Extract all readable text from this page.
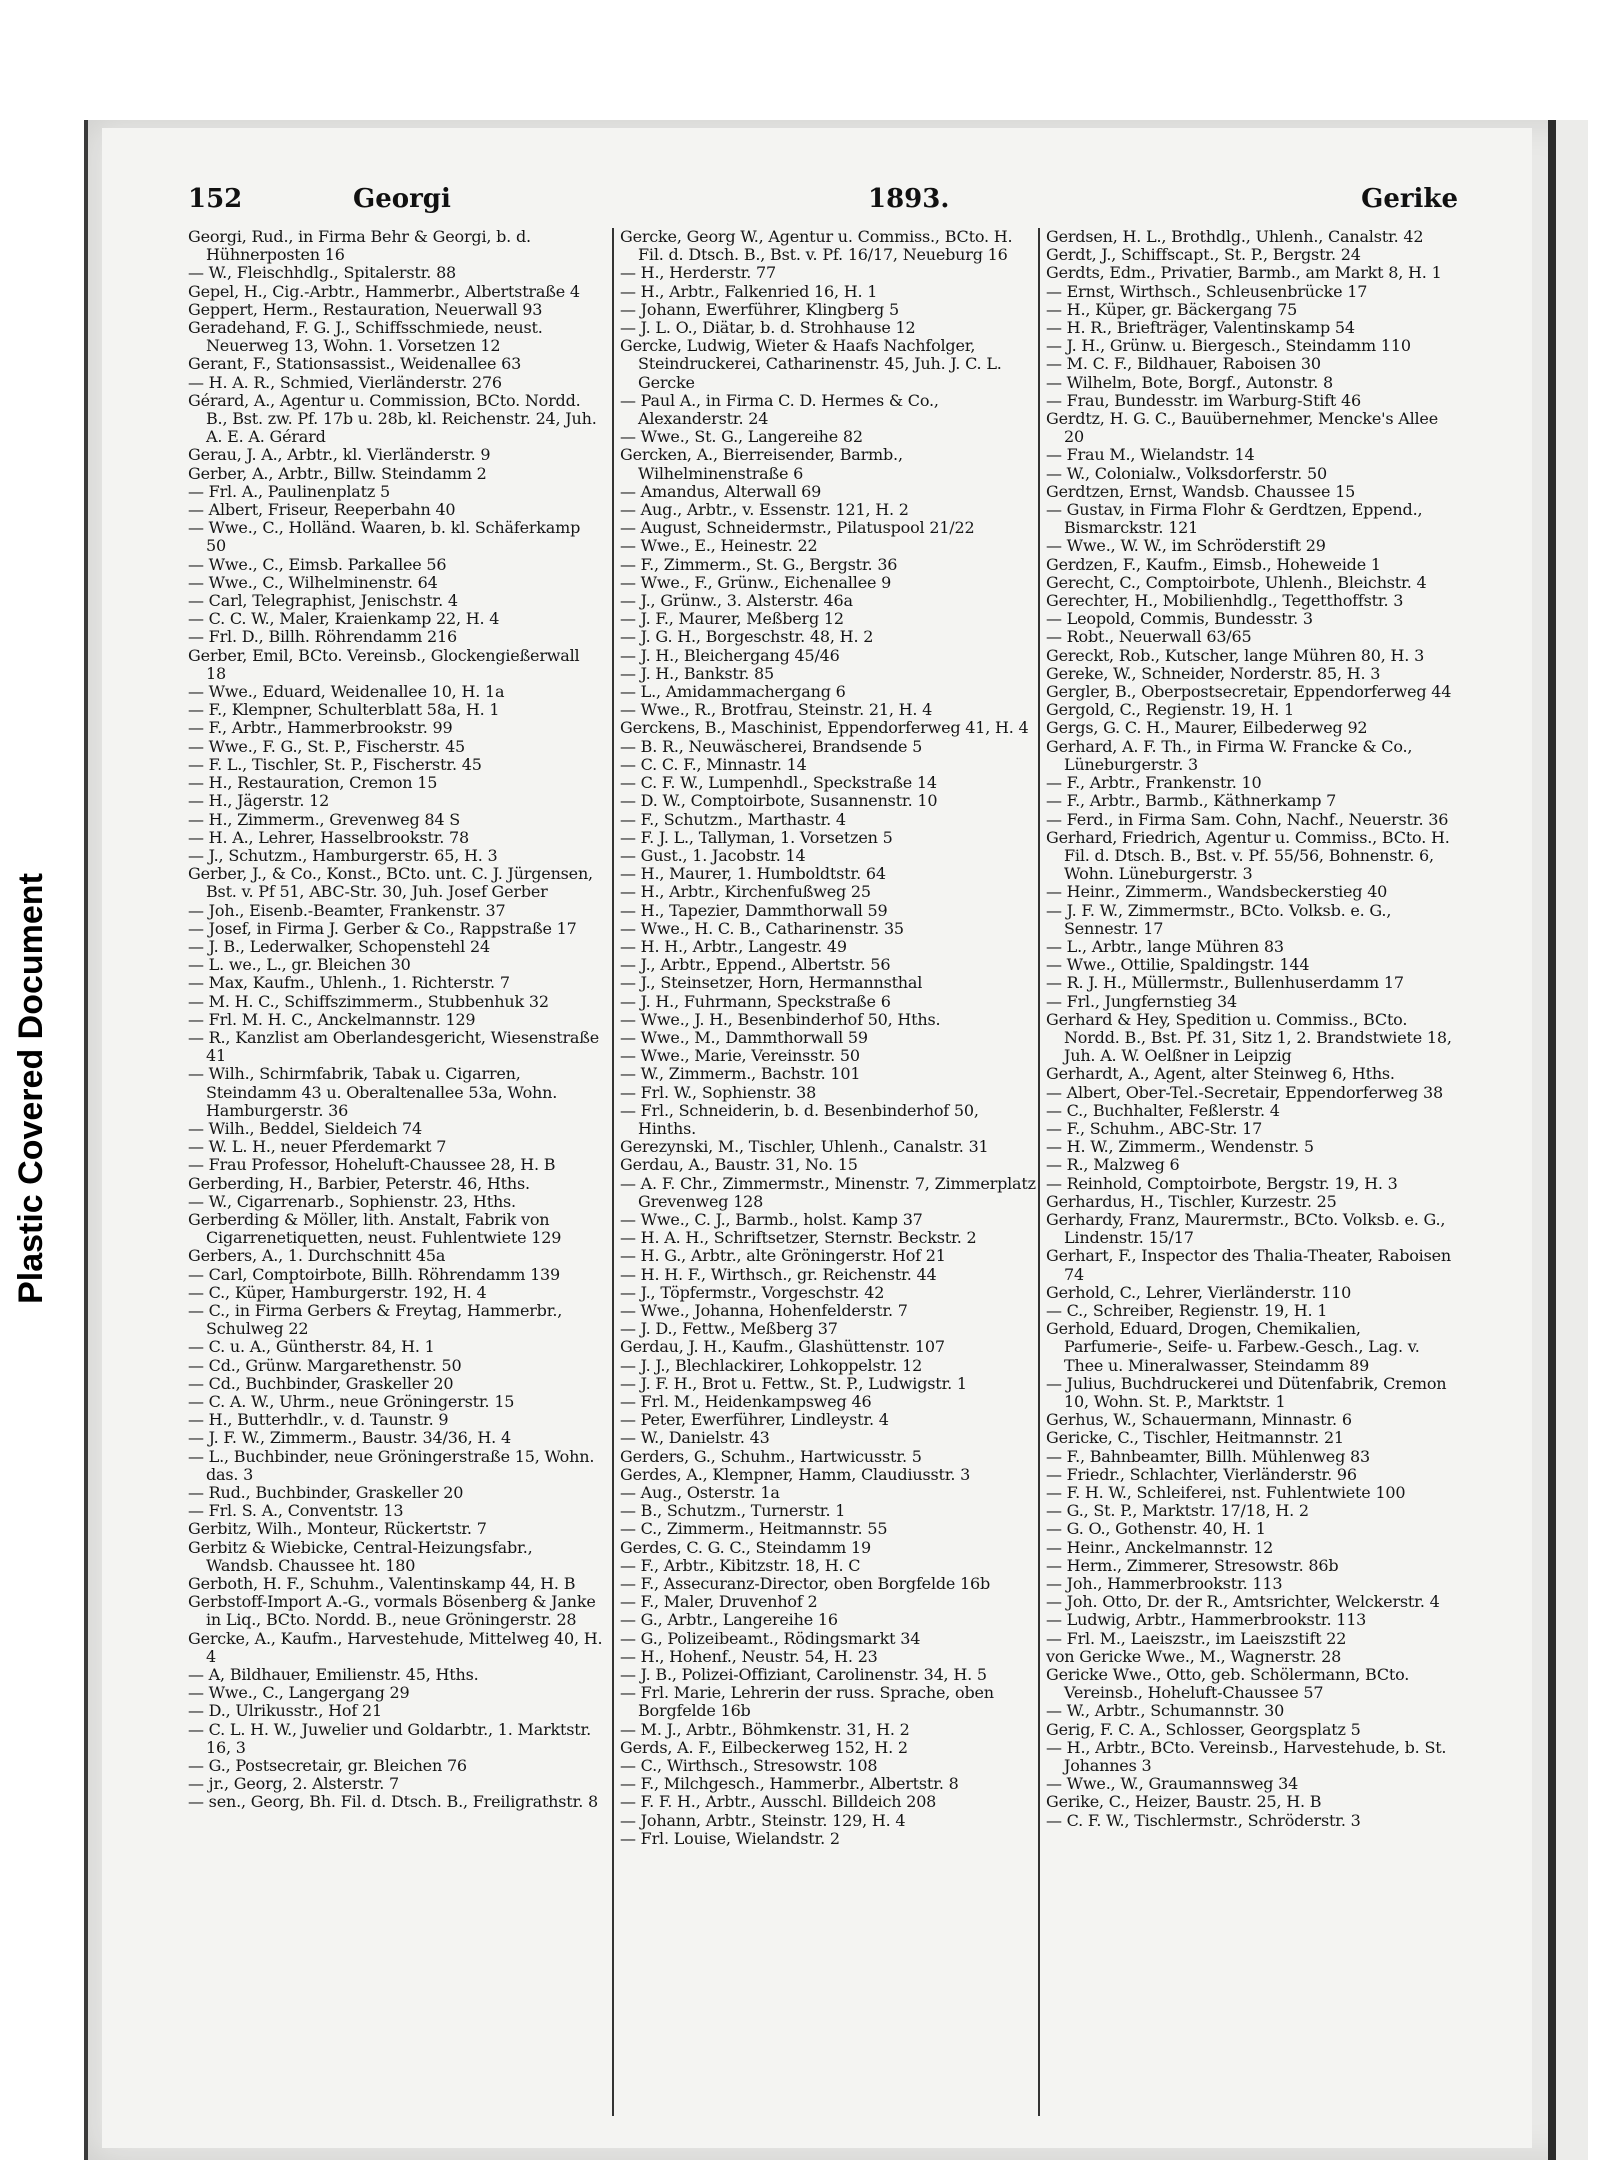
Plastic Covered Document
152	Georgi	1893.	Gerike
Georgi, Rud., in Firma Behr & Georgi, b. d. Hühnerposten 16
— W., Fleischhdlg., Spitalerstr. 88
Gepel, H., Cig.-Arbtr., Hammerbr., Albertstraße 4
Geppert, Herm., Restauration, Neuerwall 93
Geradehand, F. G. J., Schiffsschmiede, neust. Neuerweg 13, Wohn. 1. Vorsetzen 12
Gerant, F., Stationsassist., Weidenallee 63
— H. A. R., Schmied, Vierländerstr. 276
Gérard, A., Agentur u. Commission, BCto. Nordd. B., Bst. zw. Pf. 17b u. 28b, kl. Reichenstr. 24, Juh. A. E. A. Gérard
Gerau, J. A., Arbtr., kl. Vierländerstr. 9
Gerber, A., Arbtr., Billw. Steindamm 2
— Frl. A., Paulinenplatz 5
— Albert, Friseur, Reeperbahn 40
— Wwe., C., Holländ. Waaren, b. kl. Schäferkamp 50
— Wwe., C., Eimsb. Parkallee 56
— Wwe., C., Wilhelminenstr. 64
— Carl, Telegraphist, Jenischstr. 4
— C. C. W., Maler, Kraienkamp 22, H. 4
— Frl. D., Billh. Röhrendamm 216
Gerber, Emil, BCto. Vereinsb., Glockengießerwall 18
— Wwe., Eduard, Weidenallee 10, H. 1a
— F., Klempner, Schulterblatt 58a, H. 1
— F., Arbtr., Hammerbrookstr. 99
— Wwe., F. G., St. P., Fischerstr. 45
— F. L., Tischler, St. P., Fischerstr. 45
— H., Restauration, Cremon 15
— H., Jägerstr. 12
— H., Zimmerm., Grevenweg 84 S
— H. A., Lehrer, Hasselbrookstr. 78
— J., Schutzm., Hamburgerstr. 65, H. 3
Gerber, J., & Co., Konst., BCto. unt. C. J. Jürgensen, Bst. v. Pf 51, ABC-Str. 30, Juh. Josef Gerber
— Joh., Eisenb.-Beamter, Frankenstr. 37
— Josef, in Firma J. Gerber & Co., Rappstraße 17
— J. B., Lederwalker, Schopenstehl 24
— L. we., L., gr. Bleichen 30
— Max, Kaufm., Uhlenh., 1. Richterstr. 7
— M. H. C., Schiffszimmerm., Stubbenhuk 32
— Frl. M. H. C., Anckelmannstr. 129
— R., Kanzlist am Oberlandesgericht, Wiesenstraße 41
— Wilh., Schirmfabrik, Tabak u. Cigarren, Steindamm 43 u. Oberaltenallee 53a, Wohn. Hamburgerstr. 36
— Wilh., Beddel, Sieldeich 74
— W. L. H., neuer Pferdemarkt 7
— Frau Professor, Hoheluft-Chaussee 28, H. B
Gerberding, H., Barbier, Peterstr. 46, Hths.
— W., Cigarrenarb., Sophienstr. 23, Hths.
Gerberding & Möller, lith. Anstalt, Fabrik von Cigarrenetiquetten, neust. Fuhlentwiete 129
Gerbers, A., 1. Durchschnitt 45a
— Carl, Comptoirbote, Billh. Röhrendamm 139
— C., Küper, Hamburgerstr. 192, H. 4
— C., in Firma Gerbers & Freytag, Hammerbr., Schulweg 22
— C. u. A., Güntherstr. 84, H. 1
— Cd., Grünw. Margarethenstr. 50
— Cd., Buchbinder, Graskeller 20
— C. A. W., Uhrm., neue Gröningerstr. 15
— H., Butterhdlr., v. d. Taunstr. 9
— J. F. W., Zimmerm., Baustr. 34/36, H. 4
— L., Buchbinder, neue Gröningerstraße 15, Wohn. das. 3
— Rud., Buchbinder, Graskeller 20
— Frl. S. A., Conventstr. 13
Gerbitz, Wilh., Monteur, Rückertstr. 7
Gerbitz & Wiebicke, Central-Heizungsfabr., Wandsb. Chaussee ht. 180
Gerboth, H. F., Schuhm., Valentinskamp 44, H. B
Gerbstoff-Import A.-G., vormals Bösenberg & Janke in Liq., BCto. Nordd. B., neue Gröningerstr. 28
Gercke, A., Kaufm., Harvestehude, Mittelweg 40, H. 4
— A, Bildhauer, Emilienstr. 45, Hths.
— Wwe., C., Langergang 29
— D., Ulrikusstr., Hof 21
— C. L. H. W., Juwelier und Goldarbtr., 1. Marktstr. 16, 3
— G., Postsecretair, gr. Bleichen 76
— jr., Georg, 2. Alsterstr. 7
— sen., Georg, Bh. Fil. d. Dtsch. B., Freiligrathstr. 8
Gercke, Georg W., Agentur u. Commiss., BCto. H. Fil. d. Dtsch. B., Bst. v. Pf. 16/17, Neueburg 16
— H., Herderstr. 77
— H., Arbtr., Falkenried 16, H. 1
— Johann, Ewerführer, Klingberg 5
— J. L. O., Diätar, b. d. Strohhause 12
Gercke, Ludwig, Wieter & Haafs Nachfolger, Steindruckerei, Catharinenstr. 45, Juh. J. C. L. Gercke
— Paul A., in Firma C. D. Hermes & Co., Alexanderstr. 24
— Wwe., St. G., Langereihe 82
Gercken, A., Bierreisender, Barmb., Wilhelminenstraße 6
— Amandus, Alterwall 69
— Aug., Arbtr., v. Essenstr. 121, H. 2
— August, Schneidermstr., Pilatuspool 21/22
— Wwe., E., Heinestr. 22
— F., Zimmerm., St. G., Bergstr. 36
— Wwe., F., Grünw., Eichenallee 9
— J., Grünw., 3. Alsterstr. 46a
— J. F., Maurer, Meßberg 12
— J. G. H., Borgeschstr. 48, H. 2
— J. H., Bleichergang 45/46
— J. H., Bankstr. 85
— L., Amidammachergang 6
— Wwe., R., Brotfrau, Steinstr. 21, H. 4
Gerckens, B., Maschinist, Eppendorferweg 41, H. 4
— B. R., Neuwäscherei, Brandsende 5
— C. C. F., Minnastr. 14
— C. F. W., Lumpenhdl., Speckstraße 14
— D. W., Comptoirbote, Susannenstr. 10
— F., Schutzm., Marthastr. 4
— F. J. L., Tallyman, 1. Vorsetzen 5
— Gust., 1. Jacobstr. 14
— H., Maurer, 1. Humboldtstr. 64
— H., Arbtr., Kirchenfußweg 25
— H., Tapezier, Dammthorwall 59
— Wwe., H. C. B., Catharinenstr. 35
— H. H., Arbtr., Langestr. 49
— J., Arbtr., Eppend., Albertstr. 56
— J., Steinsetzer, Horn, Hermannsthal
— J. H., Fuhrmann, Speckstraße 6
— Wwe., J. H., Besenbinderhof 50, Hths.
— Wwe., M., Dammthorwall 59
— Wwe., Marie, Vereinsstr. 50
— W., Zimmerm., Bachstr. 101
— Frl. W., Sophienstr. 38
— Frl., Schneiderin, b. d. Besenbinderhof 50, Hinths.
Gerezynski, M., Tischler, Uhlenh., Canalstr. 31
Gerdau, A., Baustr. 31, No. 15
— A. F. Chr., Zimmermstr., Minenstr. 7, Zimmerplatz Grevenweg 128
— Wwe., C. J., Barmb., holst. Kamp 37
— H. A. H., Schriftsetzer, Sternstr. Beckstr. 2
— H. G., Arbtr., alte Gröningerstr. Hof 21
— H. H. F., Wirthsch., gr. Reichenstr. 44
— J., Töpfermstr., Vorgeschstr. 42
— Wwe., Johanna, Hohenfelderstr. 7
— J. D., Fettw., Meßberg 37
Gerdau, J. H., Kaufm., Glashüttenstr. 107
— J. J., Blechlackirer, Lohkoppelstr. 12
— J. F. H., Brot u. Fettw., St. P., Ludwigstr. 1
— Frl. M., Heidenkampsweg 46
— Peter, Ewerführer, Lindleystr. 4
— W., Danielstr. 43
Gerders, G., Schuhm., Hartwicusstr. 5
Gerdes, A., Klempner, Hamm, Claudiusstr. 3
— Aug., Osterstr. 1a
— B., Schutzm., Turnerstr. 1
— C., Zimmerm., Heitmannstr. 55
Gerdes, C. G. C., Steindamm 19
— F., Arbtr., Kibitzstr. 18, H. C
— F., Assecuranz-Director, oben Borgfelde 16b
— F., Maler, Druvenhof 2
— G., Arbtr., Langereihe 16
— G., Polizeibeamt., Rödingsmarkt 34
— H., Hohenf., Neustr. 54, H. 23
— J. B., Polizei-Offiziant, Carolinenstr. 34, H. 5
— Frl. Marie, Lehrerin der russ. Sprache, oben Borgfelde 16b
— M. J., Arbtr., Böhmkenstr. 31, H. 2
Gerds, A. F., Eilbeckerweg 152, H. 2
— C., Wirthsch., Stresowstr. 108
— F., Milchgesch., Hammerbr., Albertstr. 8
— F. F. H., Arbtr., Ausschl. Billdeich 208
— Johann, Arbtr., Steinstr. 129, H. 4
— Frl. Louise, Wielandstr. 2
Gerdsen, H. L., Brothdlg., Uhlenh., Canalstr. 42
Gerdt, J., Schiffscapt., St. P., Bergstr. 24
Gerdts, Edm., Privatier, Barmb., am Markt 8, H. 1
— Ernst, Wirthsch., Schleusenbrücke 17
— H., Küper, gr. Bäckergang 75
— H. R., Briefträger, Valentinskamp 54
— J. H., Grünw. u. Biergesch., Steindamm 110
— M. C. F., Bildhauer, Raboisen 30
— Wilhelm, Bote, Borgf., Autonstr. 8
— Frau, Bundesstr. im Warburg-Stift 46
Gerdtz, H. G. C., Bauübernehmer, Mencke's Allee 20
— Frau M., Wielandstr. 14
— W., Colonialw., Volksdorferstr. 50
Gerdtzen, Ernst, Wandsb. Chaussee 15
— Gustav, in Firma Flohr & Gerdtzen, Eppend., Bismarckstr. 121
— Wwe., W. W., im Schröderstift 29
Gerdzen, F., Kaufm., Eimsb., Hoheweide 1
Gerecht, C., Comptoirbote, Uhlenh., Bleichstr. 4
Gerechter, H., Mobilienhdlg., Tegetthoffstr. 3
— Leopold, Commis, Bundesstr. 3
— Robt., Neuerwall 63/65
Gereckt, Rob., Kutscher, lange Mühren 80, H. 3
Gereke, W., Schneider, Norderstr. 85, H. 3
Gergler, B., Oberpostsecretair, Eppendorferweg 44
Gergold, C., Regienstr. 19, H. 1
Gergs, G. C. H., Maurer, Eilbederweg 92
Gerhard, A. F. Th., in Firma W. Francke & Co., Lüneburgerstr. 3
— F., Arbtr., Frankenstr. 10
— F., Arbtr., Barmb., Käthnerkamp 7
— Ferd., in Firma Sam. Cohn, Nachf., Neuerstr. 36
Gerhard, Friedrich, Agentur u. Commiss., BCto. H. Fil. d. Dtsch. B., Bst. v. Pf. 55/56, Bohnenstr. 6, Wohn. Lüneburgerstr. 3
— Heinr., Zimmerm., Wandsbeckerstieg 40
— J. F. W., Zimmermstr., BCto. Volksb. e. G., Sennestr. 17
— L., Arbtr., lange Mühren 83
— Wwe., Ottilie, Spaldingstr. 144
— R. J. H., Müllermstr., Bullenhuserdamm 17
— Frl., Jungfernstieg 34
Gerhard & Hey, Spedition u. Commiss., BCto. Nordd. B., Bst. Pf. 31, Sitz 1, 2. Brandstwiete 18, Juh. A. W. Oelßner in Leipzig
Gerhardt, A., Agent, alter Steinweg 6, Hths.
— Albert, Ober-Tel.-Secretair, Eppendorferweg 38
— C., Buchhalter, Feßlerstr. 4
— F., Schuhm., ABC-Str. 17
— H. W., Zimmerm., Wendenstr. 5
— R., Malzweg 6
— Reinhold, Comptoirbote, Bergstr. 19, H. 3
Gerhardus, H., Tischler, Kurzestr. 25
Gerhardy, Franz, Maurermstr., BCto. Volksb. e. G., Lindenstr. 15/17
Gerhart, F., Inspector des Thalia-Theater, Raboisen 74
Gerhold, C., Lehrer, Vierländerstr. 110
— C., Schreiber, Regienstr. 19, H. 1
Gerhold, Eduard, Drogen, Chemikalien, Parfumerie-, Seife- u. Farbew.-Gesch., Lag. v. Thee u. Mineralwasser, Steindamm 89
— Julius, Buchdruckerei und Dütenfabrik, Cremon 10, Wohn. St. P., Marktstr. 1
Gerhus, W., Schauermann, Minnastr. 6
Gericke, C., Tischler, Heitmannstr. 21
— F., Bahnbeamter, Billh. Mühlenweg 83
— Friedr., Schlachter, Vierländerstr. 96
— F. H. W., Schleiferei, nst. Fuhlentwiete 100
— G., St. P., Marktstr. 17/18, H. 2
— G. O., Gothenstr. 40, H. 1
— Heinr., Anckelmannstr. 12
— Herm., Zimmerer, Stresowstr. 86b
— Joh., Hammerbrookstr. 113
— Joh. Otto, Dr. der R., Amtsrichter, Welckerstr. 4
— Ludwig, Arbtr., Hammerbrookstr. 113
— Frl. M., Laeiszstr., im Laeiszstift 22
von Gericke Wwe., M., Wagnerstr. 28
Gericke Wwe., Otto, geb. Schölermann, BCto. Vereinsb., Hoheluft-Chaussee 57
— W., Arbtr., Schumannstr. 30
Gerig, F. C. A., Schlosser, Georgsplatz 5
— H., Arbtr., BCto. Vereinsb., Harvestehude, b. St. Johannes 3
— Wwe., W., Graumannsweg 34
Gerike, C., Heizer, Baustr. 25, H. B
— C. F. W., Tischlermstr., Schröderstr. 3
